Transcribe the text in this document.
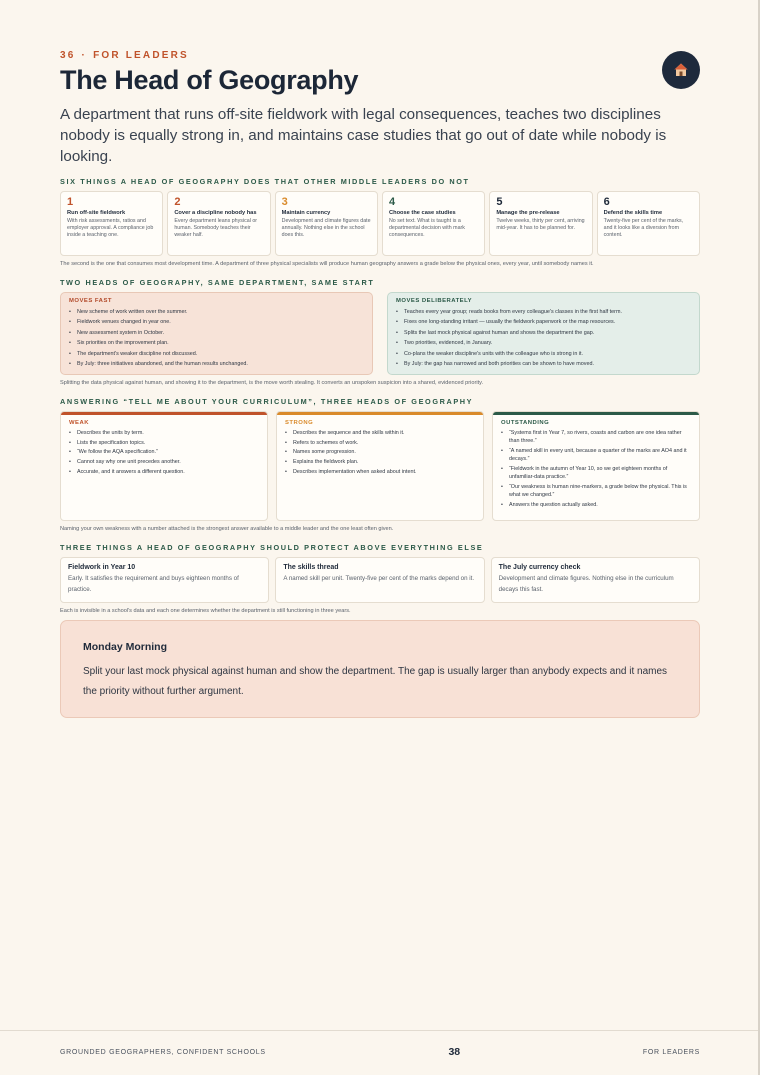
36 · FOR LEADERS
The Head of Geography

A department that runs off-site fieldwork with legal consequences, teaches two disciplines nobody is equally strong in, and maintains case studies that go out of date while nobody is looking.

SIX THINGS A HEAD OF GEOGRAPHY DOES THAT OTHER MIDDLE LEADERS DO NOT
1
Run off-site fieldwork
With risk assessments, ratios and employer approval. A compliance job inside a teaching one.
2
Cover a discipline nobody has
Every department leans physical or human. Somebody teaches their weaker half.
3
Maintain currency
Development and climate figures date annually. Nothing else in the school does this.
4
Choose the case studies
No set text. What is taught is a departmental decision with mark consequences.
5
Manage the pre-release
Twelve weeks, thirty per cent, arriving mid-year. It has to be planned for.
6
Defend the skills time
Twenty-five per cent of the marks, and it looks like a diversion from content.

The second is the one that consumes most development time. A department of three physical specialists will produce human geography answers a grade below the physical ones, every year, until somebody names it.

TWO HEADS OF GEOGRAPHY, SAME DEPARTMENT, SAME START
MOVES FAST
• New scheme of work written over the summer.
• Fieldwork venues changed in year one.
• New assessment system in October.
• Six priorities on the improvement plan.
• The department's weaker discipline not discussed.
• By July: three initiatives abandoned, and the human results unchanged.
MOVES DELIBERATELY
• Teaches every year group; reads books from every colleague's classes in the first half term.
• Fixes one long-standing irritant — usually the fieldwork paperwork or the map resources.
• Splits the last mock physical against human and shows the department the gap.
• Two priorities, evidenced, in January.
• Co-plans the weaker discipline's units with the colleague who is strong in it.
• By July: the gap has narrowed and both priorities can be shown to have moved.

Splitting the data physical against human, and showing it to the department, is the move worth stealing. It converts an unspoken suspicion into a shared, evidenced priority.

ANSWERING “TELL ME ABOUT YOUR CURRICULUM”, THREE HEADS OF GEOGRAPHY
WEAK
• Describes the units by term.
• Lists the specification topics.
• “We follow the AQA specification.”
• Cannot say why one unit precedes another.
• Accurate, and it answers a different question.
STRONG
• Describes the sequence and the skills within it.
• Refers to schemes of work.
• Names some progression.
• Explains the fieldwork plan.
• Describes implementation when asked about intent.
OUTSTANDING
• “Systems first in Year 7, so rivers, coasts and carbon are one idea rather than three.”
• “A named skill in every unit, because a quarter of the marks are AO4 and it decays.”
• “Fieldwork in the autumn of Year 10, so we get eighteen months of unfamiliar-data practice.”
• “Our weakness is human nine-markers, a grade below the physical. This is what we changed.”
• Answers the question actually asked.

Naming your own weakness with a number attached is the strongest answer available to a middle leader and the one least often given.

THREE THINGS A HEAD OF GEOGRAPHY SHOULD PROTECT ABOVE EVERYTHING ELSE
Fieldwork in Year 10
Early. It satisfies the requirement and buys eighteen months of practice.
The skills thread
A named skill per unit. Twenty-five per cent of the marks depend on it.
The July currency check
Development and climate figures. Nothing else in the curriculum decays this fast.

Each is invisible in a school's data and each one determines whether the department is still functioning in three years.

Monday Morning

Split your last mock physical against human and show the department. The gap is usually larger than anybody expects and it names the priority without further argument.

GROUNDED GEOGRAPHERS, CONFIDENT SCHOOLS	38	FOR LEADERS
